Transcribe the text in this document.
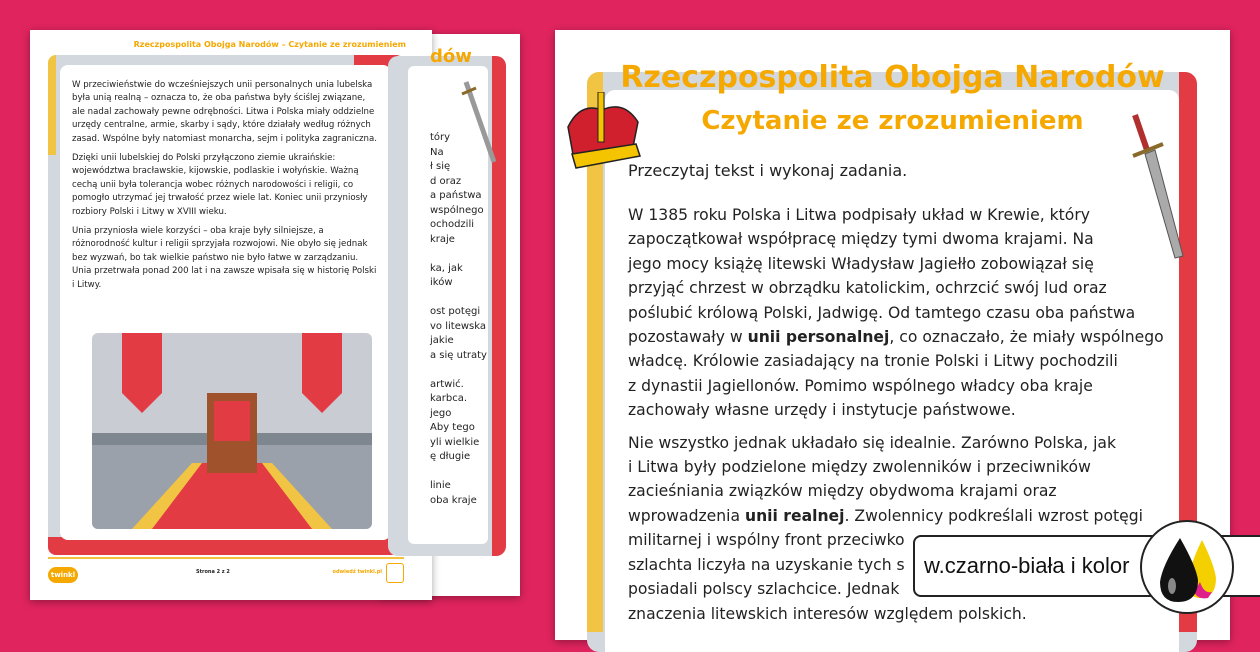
dów
tóry
Na
ł się
d oraz
a państwa
wspólnego
ochodzili
kraje

ka, jak
ików

ost potęgi
vo litewska
jakie
a się utraty

artwić.
karbca.
jego
Aby tego
yli wielkie
ę długie

linie
oba kraje
Rzeczpospolita Obojga Narodów – Czytanie ze zrozumieniem

W przeciwieństwie do wcześniejszych unii personalnych unia lubelska była unią realną – oznacza to, że oba państwa były ściślej związane, ale nadal zachowały pewne odrębności. Litwa i Polska miały oddzielne urzędy centralne, armie, skarby i sądy, które działały według różnych zasad. Wspólne były natomiast monarcha, sejm i polityka zagraniczna.

Dzięki unii lubelskiej do Polski przyłączono ziemie ukraińskie: województwa bracławskie, kijowskie, podlaskie i wołyńskie. Ważną cechą unii była tolerancja wobec różnych narodowości i religii, co pomogło utrzymać jej trwałość przez wiele lat. Koniec unii przyniosły rozbiory Polski i Litwy w XVIII wieku.

Unia przyniosła wiele korzyści – oba kraje były silniejsze, a różnorodność kultur i religii sprzyjała rozwojowi. Nie obyło się jednak bez wyzwań, bo tak wielkie państwo nie było łatwe w zarządzaniu. Unia przetrwała ponad 200 lat i na zawsze wpisała się w historię Polski i Litwy.

twinkl	Strona 2 z 2	odwiedź twinkl.pl
Rzeczpospolita Obojga Narodów
Czytanie ze zrozumieniem
Przeczytaj tekst i wykonaj zadania.

W 1385 roku Polska i Litwa podpisały układ w Krewie, który
zapoczątkował współpracę między tymi dwoma krajami. Na
jego mocy książę litewski Władysław Jagiełło zobowiązał się
przyjąć chrzest w obrządku katolickim, ochrzcić swój lud oraz
poślubić królową Polski, Jadwigę. Od tamtego czasu oba państwa
pozostawały w unii personalnej, co oznaczało, że miały wspólnego
władcę. Królowie zasiadający na tronie Polski i Litwy pochodzili
z dynastii Jagiellonów. Pomimo wspólnego władcy oba kraje
zachowały własne urzędy i instytucje państwowe.

Nie wszystko jednak układało się idealnie. Zarówno Polska, jak
i Litwa były podzielone między zwolenników i przeciwników
zacieśniania związków między obydwoma krajami oraz
wprowadzenia unii realnej. Zwolennicy podkreślali wzrost potęgi
militarnej i wspólny front przeciwko
szlachta liczyła na uzyskanie tych s
posiadali polscy szlachcice. Jednak
znaczenia litewskich interesów względem polskich.

w.czarno-biała i kolor
